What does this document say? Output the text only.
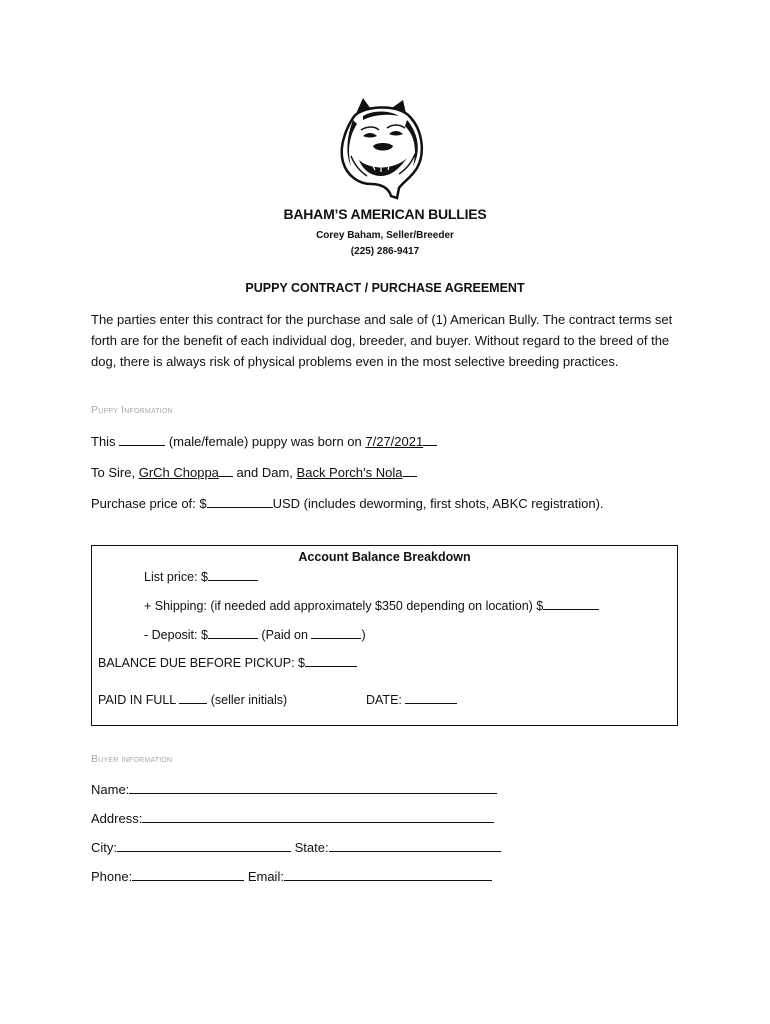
BAHAM’S AMERICAN BULLIES
Corey Baham, Seller/Breeder
(225) 286-9417
PUPPY CONTRACT / PURCHASE AGREEMENT
The parties enter this contract for the purchase and sale of (1) American Bully. The contract terms set forth are for the benefit of each individual dog, breeder, and buyer. Without regard to the breed of the dog, there is always risk of physical problems even in the most selective breeding practices.
Puppy Information
This	(male/female) puppy was born on 7/27/2021
To Sire, GrCh Choppa and Dam, Back Porch’s Nola
Purchase price of: $	USD (includes deworming, first shots, ABKC registration).
Account Balance Breakdown
List price: $
+ Shipping: (if needed add approximately $350 depending on location) $
- Deposit: $	(Paid on	)
BALANCE DUE BEFORE PICKUP: $
PAID IN FULL	(seller initials)	DATE:
Buyer information
Name:
Address:
City:	State:
Phone:	Email:
